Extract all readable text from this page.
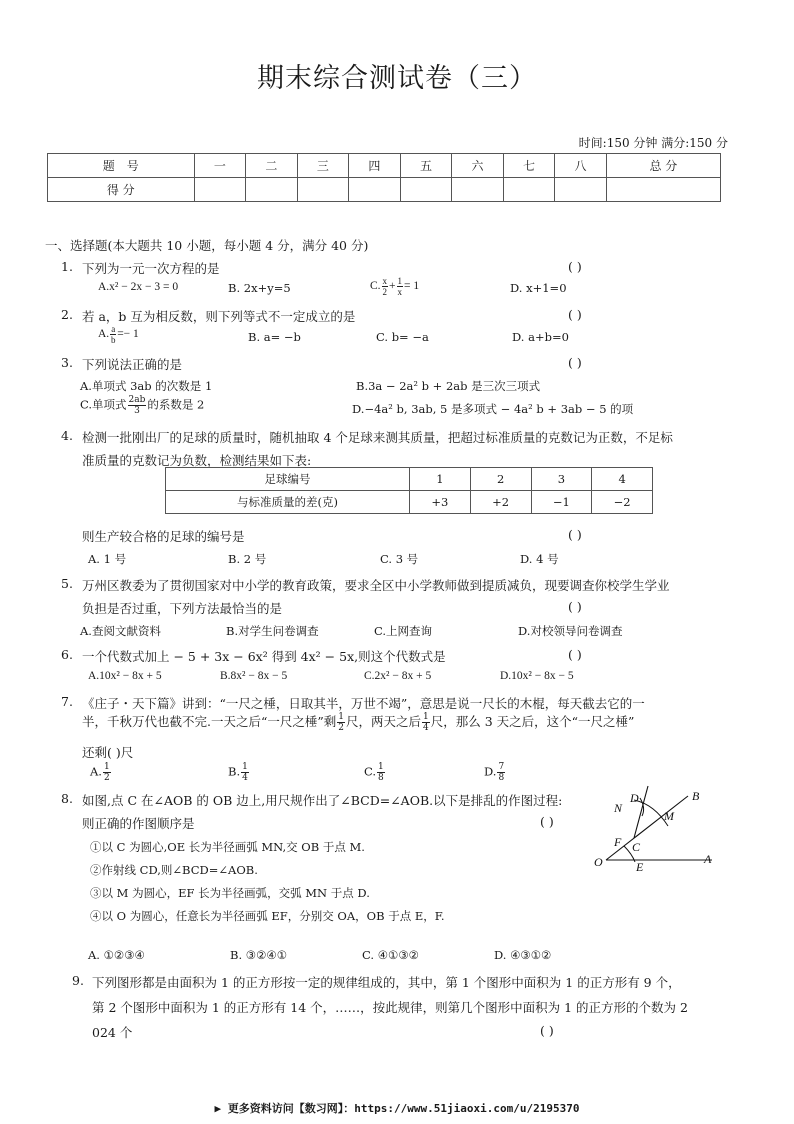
期末综合测试卷（三）
时间:150 分钟 满分:150 分
题　号	一	二	三	四	五	六	七	八	总 分
得 分									
一、选择题(本大题共 10 小题，每小题 4 分，满分 40 分)
1. 下列为一元一次方程的是	( )
A.x² − 2x − 3 = 0	B. 2x+y=5	C. $\frac{x}{2} + \frac{1}{x} = 1$	D. x+1=0
2. 若 a，b 互为相反数，则下列等式不一定成立的是	( )
A. $\frac{a}{b} =- 1$	B. a= −b	C. b= −a	D. a+b=0
3. 下列说法正确的是	( )
A.单项式 3ab 的次数是 1	B.3a − 2a² b + 2ab 是三次三项式
C.单项式 $\frac{2ab}{3}$ 的系数是 2	D.−4a² b, 3ab, 5 是多项式 − 4a² b + 3ab − 5 的项
4. 检测一批刚出厂的足球的质量时，随机抽取 4 个足球来测其质量，把超过标准质量的克数记为正数，不足标
准质量的克数记为负数，检测结果如下表:
足球编号	1	2	3	4
与标准质量的差(克)	+3	+2	−1	−2
则生产较合格的足球的编号是	( )
A. 1 号	B. 2 号	C. 3 号	D. 4 号
5. 万州区教委为了贯彻国家对中小学的教育政策，要求全区中小学教师做到提质减负，现要调查你校学生学业
负担是否过重，下列方法最恰当的是	( )
A.查阅文献资料	B.对学生问卷调查	C.上网查询	D.对校领导问卷调查
6. 一个代数式加上 − 5 + 3x − 6x² 得到 4x² − 5x,则这个代数式是	( )
A.10x² − 8x + 5	B.8x² − 8x − 5	C.2x² − 8x + 5	D.10x² − 8x − 5
7. 《庄子・天下篇》讲到：“一尺之棰，日取其半，万世不竭”，意思是说一尺长的木棍，每天截去它的一
半，千秋万代也截不完.一天之后“一尺之棰”剩 $\frac{1}{2}$ 尺，两天之后 $\frac{1}{4}$ 尺，那么 3 天之后，这个“一尺之棰”
还剩( )尺
A. $\frac{1}{2}$	B. $\frac{1}{4}$	C. $\frac{1}{8}$	D. $\frac{7}{8}$
8. 如图,点 C 在∠AOB 的 OB 边上,用尺规作出了∠BCD=∠AOB.以下是排乱的作图过程:
则正确的作图顺序是	( )
①以 C 为圆心,OE 长为半径画弧 MN,交 OB 于点 M.
②作射线 CD,则∠BCD=∠AOB.
③以 M 为圆心，EF 长为半径画弧，交弧 MN 于点 D.
④以 O 为圆心，任意长为半径画弧 EF，分别交 OA，OB 于点 E，F.
A. ①②③④	B. ③②④①	C. ④①③②	D. ④③①②
D	B
N
M
F C
O	E
A
9. 下列图形都是由面积为 1 的正方形按一定的规律组成的，其中，第 1 个图形中面积为 1 的正方形有 9 个，
第 2 个图形中面积为 1 的正方形有 14 个，……，按此规律，则第几个图形中面积为 1 的正方形的个数为 2
024 个	( )
▶ 更多资料访问【数习网】：https://www.51jiaoxi.com/u/2195370
